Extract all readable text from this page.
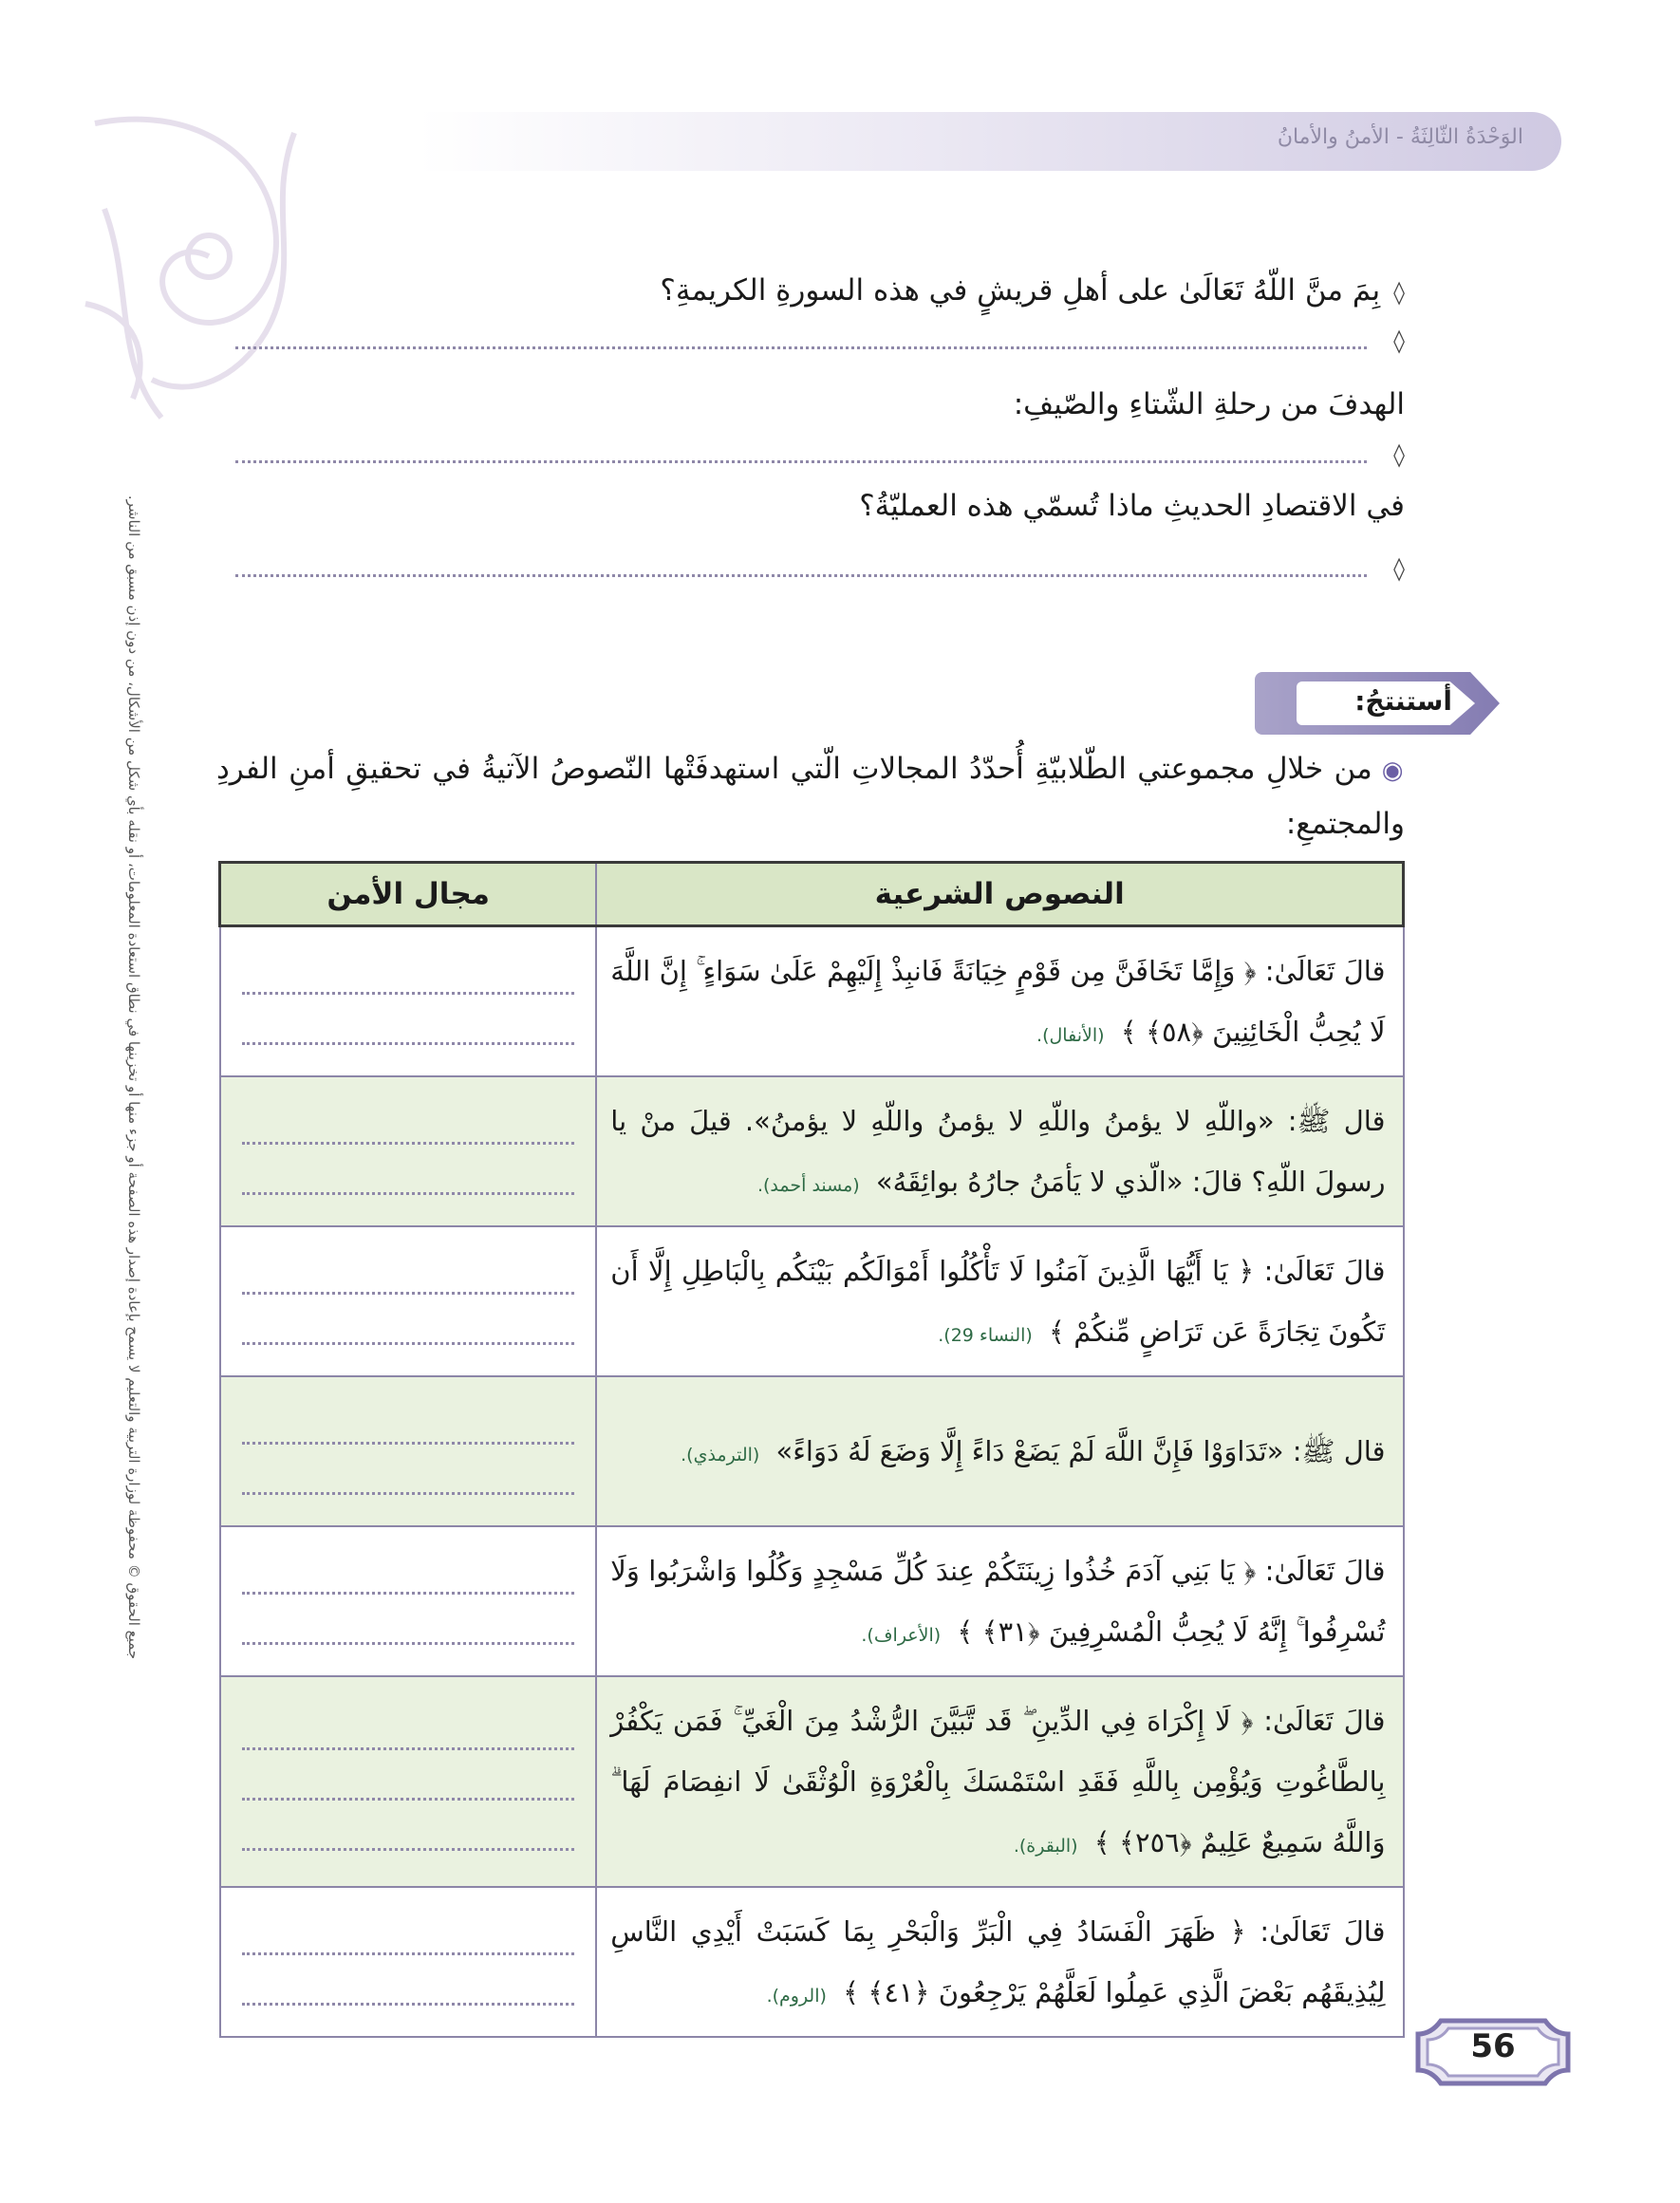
الوَحْدَةُ الثّالِثَةُ - الأمنُ والأمانُ
جميع الحقوق © محفوظة لوزارة التربية والتعليم لا يسمح بإعادة إصدار هذه الصفحة أو جزء منها أو تخزينها في نطاق استعادة المعلومات، أو نقله بأي شكل من الأشكال، من دون إذن مسبق من الناشر.
◊بِمَ منَّ اللّهُ تَعَالَىٰ على أهلِ قريشٍ في هذه السورةِ الكريمةِ؟
◊
الهدفَ من رحلةِ الشّتاءِ والصّيفِ:
◊
في الاقتصادِ الحديثِ ماذا تُسمّي هذه العمليّةُ؟
◊
أستنتجُ:
◉من خلالِ مجموعتي الطّلابيّةِ أُحدّدُ المجالاتِ الّتي استهدفَتْها النّصوصُ الآتيةُ في تحقيقِ أمنِ الفردِ والمجتمعِ:
النصوص الشرعية	مجال الأمن
قالَ تَعَالَىٰ: ﴿ وَإِمَّا تَخَافَنَّ مِن قَوْمٍ خِيَانَةً فَانبِذْ إِلَيْهِمْ عَلَىٰ سَوَاءٍ ۚ إِنَّ اللَّهَ لَا يُحِبُّ الْخَائِنِينَ ﴿٥٨﴾ ﴾ (الأنفال).	

قال ﷺ: «واللّهِ لا يؤمنُ واللّهِ لا يؤمنُ واللّهِ لا يؤمنُ». قيلَ منْ يا رسولَ اللّهِ؟ قالَ: «الّذي لا يَأمَنُ جارُهُ بوائِقَهُ» (مسند أحمد).	

قالَ تَعَالَىٰ: ﴿ يَا أَيُّهَا الَّذِينَ آمَنُوا لَا تَأْكُلُوا أَمْوَالَكُم بَيْنَكُم بِالْبَاطِلِ إِلَّا أَن تَكُونَ تِجَارَةً عَن تَرَاضٍ مِّنكُمْ ﴾ (النساء 29).	

قال ﷺ: «تَدَاوَوْا فَإِنَّ اللَّهَ لَمْ يَضَعْ دَاءً إِلَّا وَضَعَ لَهُ دَوَاءً» (الترمذي).	

قالَ تَعَالَىٰ: ﴿ يَا بَنِي آدَمَ خُذُوا زِينَتَكُمْ عِندَ كُلِّ مَسْجِدٍ وَكُلُوا وَاشْرَبُوا وَلَا تُسْرِفُوا ۚ إِنَّهُ لَا يُحِبُّ الْمُسْرِفِينَ ﴿٣١﴾ ﴾ (الأعراف).	

قالَ تَعَالَىٰ: ﴿ لَا إِكْرَاهَ فِي الدِّينِ ۖ قَد تَّبَيَّنَ الرُّشْدُ مِنَ الْغَيِّ ۚ فَمَن يَكْفُرْ بِالطَّاغُوتِ وَيُؤْمِن بِاللَّهِ فَقَدِ اسْتَمْسَكَ بِالْعُرْوَةِ الْوُثْقَىٰ لَا انفِصَامَ لَهَا ۗ وَاللَّهُ سَمِيعٌ عَلِيمٌ ﴿٢٥٦﴾ ﴾ (البقرة).	

قالَ تَعَالَىٰ: ﴿ ظَهَرَ الْفَسَادُ فِي الْبَرِّ وَالْبَحْرِ بِمَا كَسَبَتْ أَيْدِي النَّاسِ لِيُذِيقَهُم بَعْضَ الَّذِي عَمِلُوا لَعَلَّهُمْ يَرْجِعُونَ ﴿٤١﴾ ﴾ (الروم).	
56
